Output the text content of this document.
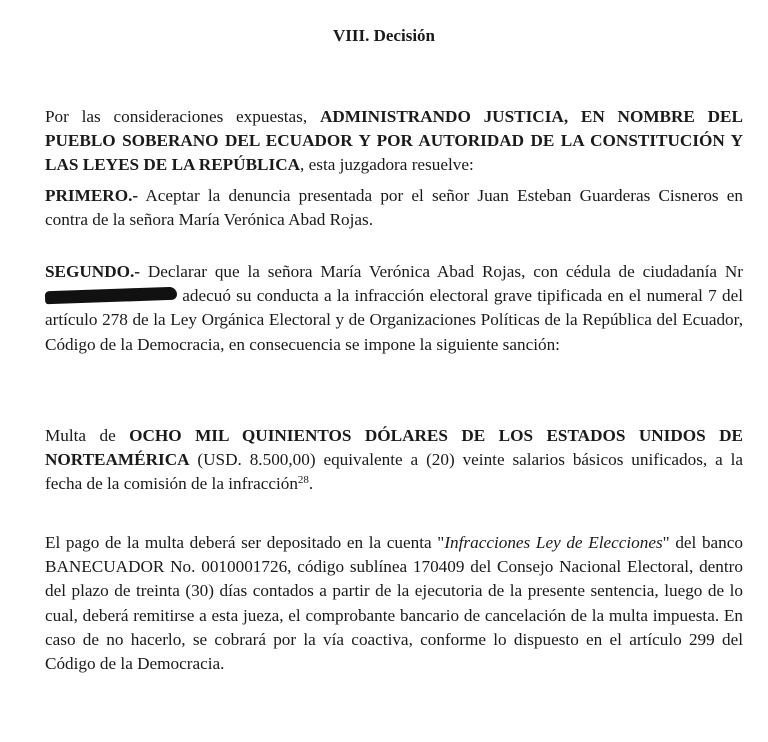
VIII. Decisión

Por las consideraciones expuestas, ADMINISTRANDO JUSTICIA, EN NOMBRE DEL PUEBLO SOBERANO DEL ECUADOR Y POR AUTORIDAD DE LA CONSTITUCIÓN Y LAS LEYES DE LA REPÚBLICA, esta juzgadora resuelve:

PRIMERO.- Aceptar la denuncia presentada por el señor Juan Esteban Guarderas Cisneros en contra de la señora María Verónica Abad Rojas.

SEGUNDO.- Declarar que la señora María Verónica Abad Rojas, con cédula de ciudadanía Nr adecuó su conducta a la infracción electoral grave tipificada en el numeral 7 del artículo 278 de la Ley Orgánica Electoral y de Organizaciones Políticas de la República del Ecuador, Código de la Democracia, en consecuencia se impone la siguiente sanción:

Multa de OCHO MIL QUINIENTOS DÓLARES DE LOS ESTADOS UNIDOS DE NORTEAMÉRICA (USD. 8.500,00) equivalente a (20) veinte salarios básicos unificados, a la fecha de la comisión de la infracción$^{28}$.

El pago de la multa deberá ser depositado en la cuenta "Infracciones Ley de Elecciones" del banco BANECUADOR No. 0010001726, código sublínea 170409 del Consejo Nacional Electoral, dentro del plazo de treinta (30) días contados a partir de la ejecutoria de la presente sentencia, luego de lo cual, deberá remitirse a esta jueza, el comprobante bancario de cancelación de la multa impuesta. En caso de no hacerlo, se cobrará por la vía coactiva, conforme lo dispuesto en el artículo 299 del Código de la Democracia.
